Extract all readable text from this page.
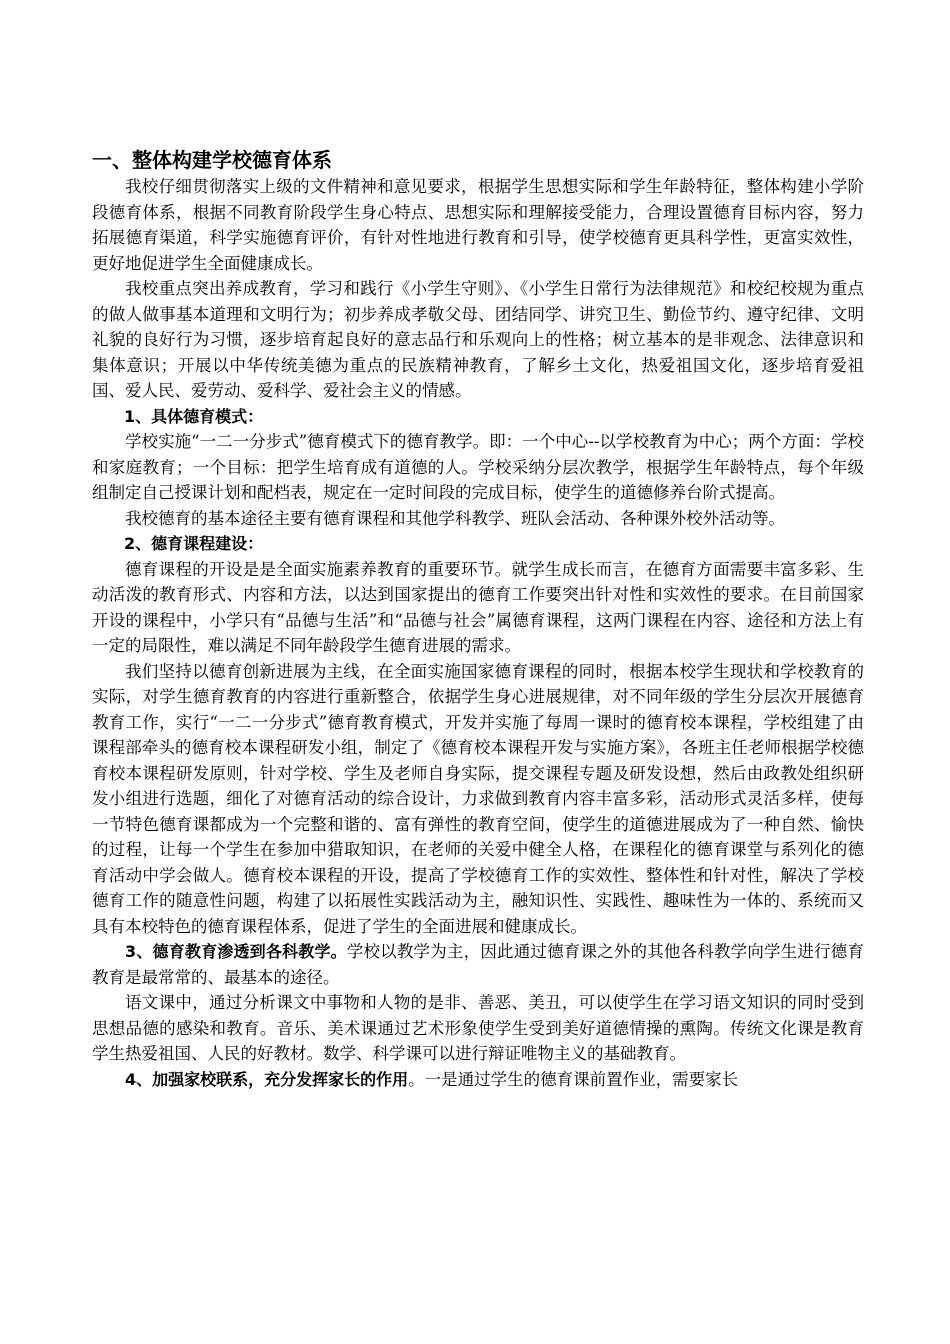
一、整体构建学校德育体系

我校仔细贯彻落实上级的文件精神和意见要求，根据学生思想实际和学生年龄特征，整体构建小学阶段德育体系，根据不同教育阶段学生身心特点、思想实际和理解接受能力，合理设置德育目标内容，努力拓展德育渠道，科学实施德育评价，有针对性地进行教育和引导，使学校德育更具科学性，更富实效性，更好地促进学生全面健康成长。

我校重点突出养成教育，学习和践行《小学生守则》、《小学生日常行为法律规范》和校纪校规为重点的做人做事基本道理和文明行为；初步养成孝敬父母、团结同学、讲究卫生、勤俭节约、遵守纪律、文明礼貌的良好行为习惯，逐步培育起良好的意志品行和乐观向上的性格；树立基本的是非观念、法律意识和集体意识；开展以中华传统美德为重点的民族精神教育，了解乡土文化，热爱祖国文化，逐步培育爱祖国、爱人民、爱劳动、爱科学、爱社会主义的情感。

1、具体德育模式：

学校实施“一二一分步式”德育模式下的德育教学。即：一个中心--以学校教育为中心；两个方面：学校和家庭教育；一个目标：把学生培育成有道德的人。学校采纳分层次教学，根据学生年龄特点，每个年级组制定自己授课计划和配档表，规定在一定时间段的完成目标，使学生的道德修养台阶式提高。

我校德育的基本途径主要有德育课程和其他学科教学、班队会活动、各种课外校外活动等。

2、德育课程建设：

德育课程的开设是是全面实施素养教育的重要环节。就学生成长而言，在德育方面需要丰富多彩、生动活泼的教育形式、内容和方法，以达到国家提出的德育工作要突出针对性和实效性的要求。在目前国家开设的课程中，小学只有“品德与生活”和“品德与社会”属德育课程，这两门课程在内容、途径和方法上有一定的局限性，难以满足不同年龄段学生德育进展的需求。

我们坚持以德育创新进展为主线，在全面实施国家德育课程的同时，根据本校学生现状和学校教育的实际，对学生德育教育的内容进行重新整合，依据学生身心进展规律，对不同年级的学生分层次开展德育教育工作，实行“一二一分步式”德育教育模式，开发并实施了每周一课时的德育校本课程，学校组建了由课程部牵头的德育校本课程研发小组，制定了《德育校本课程开发与实施方案》，各班主任老师根据学校德育校本课程研发原则，针对学校、学生及老师自身实际，提交课程专题及研发设想，然后由政教处组织研发小组进行选题，细化了对德育活动的综合设计，力求做到教育内容丰富多彩，活动形式灵活多样，使每一节特色德育课都成为一个完整和谐的、富有弹性的教育空间，使学生的道德进展成为了一种自然、愉快的过程，让每一个学生在参加中猎取知识，在老师的关爱中健全人格，在课程化的德育课堂与系列化的德育活动中学会做人。德育校本课程的开设，提高了学校德育工作的实效性、整体性和针对性，解决了学校德育工作的随意性问题，构建了以拓展性实践活动为主，融知识性、实践性、趣味性为一体的、系统而又具有本校特色的德育课程体系，促进了学生的全面进展和健康成长。

3、德育教育渗透到各科教学。学校以教学为主，因此通过德育课之外的其他各科教学向学生进行德育教育是最常常的、最基本的途径。

语文课中，通过分析课文中事物和人物的是非、善恶、美丑，可以使学生在学习语文知识的同时受到思想品德的感染和教育。音乐、美术课通过艺术形象使学生受到美好道德情操的熏陶。传统文化课是教育学生热爱祖国、人民的好教材。数学、科学课可以进行辩证唯物主义的基础教育。

4、加强家校联系，充分发挥家长的作用。一是通过学生的德育课前置作业，需要家长
